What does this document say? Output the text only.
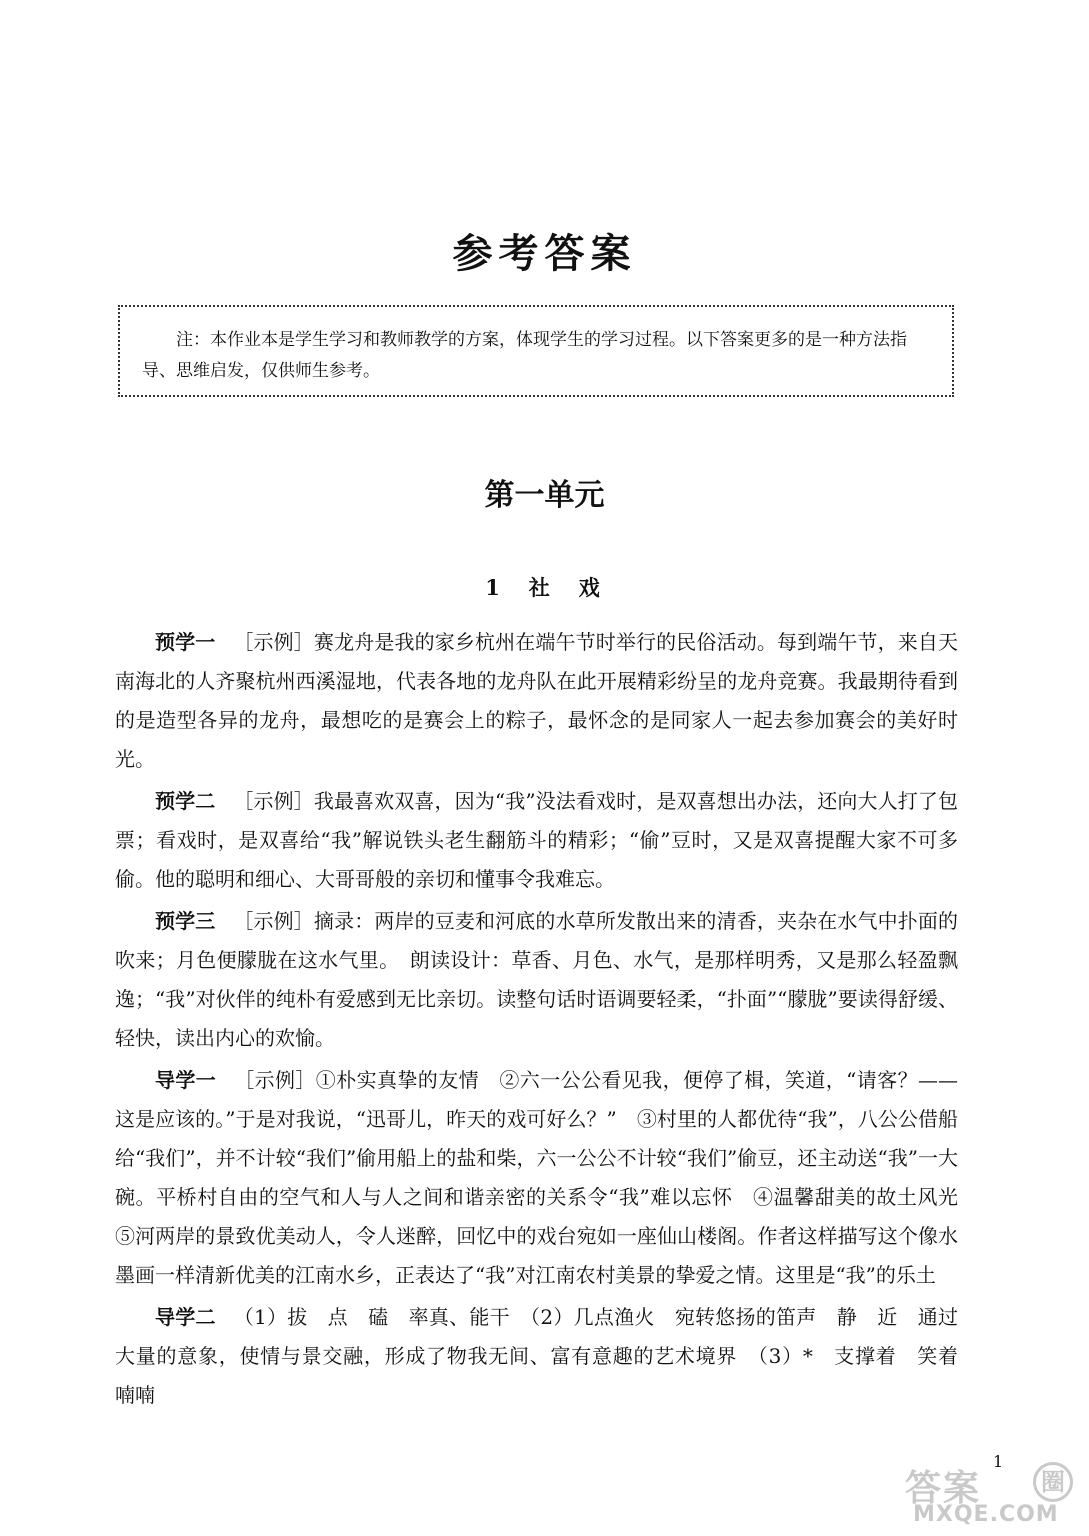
参考答案

注：本作业本是学生学习和教师教学的方案，体现学生的学习过程。以下答案更多的是一种方法指导、思维启发，仅供师生参考。

第一单元
1　社　戏

预学一 ［示例］赛龙舟是我的家乡杭州在端午节时举行的民俗活动。每到端午节，来自天南海北的人齐聚杭州西溪湿地，代表各地的龙舟队在此开展精彩纷呈的龙舟竞赛。我最期待看到的是造型各异的龙舟，最想吃的是赛会上的粽子，最怀念的是同家人一起去参加赛会的美好时光。

预学二 ［示例］我最喜欢双喜，因为“我”没法看戏时，是双喜想出办法，还向大人打了包票；看戏时，是双喜给“我”解说铁头老生翻筋斗的精彩；“偷”豆时，又是双喜提醒大家不可多偷。他的聪明和细心、大哥哥般的亲切和懂事令我难忘。

预学三 ［示例］摘录：两岸的豆麦和河底的水草所发散出来的清香，夹杂在水气中扑面的吹来；月色便朦胧在这水气里。　朗读设计：草香、月色、水气，是那样明秀，又是那么轻盈飘逸；“我”对伙伴的纯朴有爱感到无比亲切。读整句话时语调要轻柔，“扑面”“朦胧”要读得舒缓、轻快，读出内心的欢愉。

导学一 ［示例］①朴实真挚的友情　②六一公公看见我，便停了楫，笑道，“请客？——这是应该的。”于是对我说，“迅哥儿，昨天的戏可好么？”　③村里的人都优待“我”，八公公借船给“我们”，并不计较“我们”偷用船上的盐和柴，六一公公不计较“我们”偷豆，还主动送“我”一大碗。平桥村自由的空气和人与人之间和谐亲密的关系令“我”难以忘怀　④温馨甜美的故土风光　⑤河两岸的景致优美动人，令人迷醉，回忆中的戏台宛如一座仙山楼阁。作者这样描写这个像水墨画一样清新优美的江南水乡，正表达了“我”对江南农村美景的挚爱之情。这里是“我”的乐土

导学二 （1）拔　点　磕　率真、能干　（2）几点渔火　宛转悠扬的笛声　静　近　通过大量的意象，使情与景交融，形成了物我无间、富有意趣的艺术境界　（3）*　支撑着　笑着　喃喃

答案	圈
MXQE.COM
1
